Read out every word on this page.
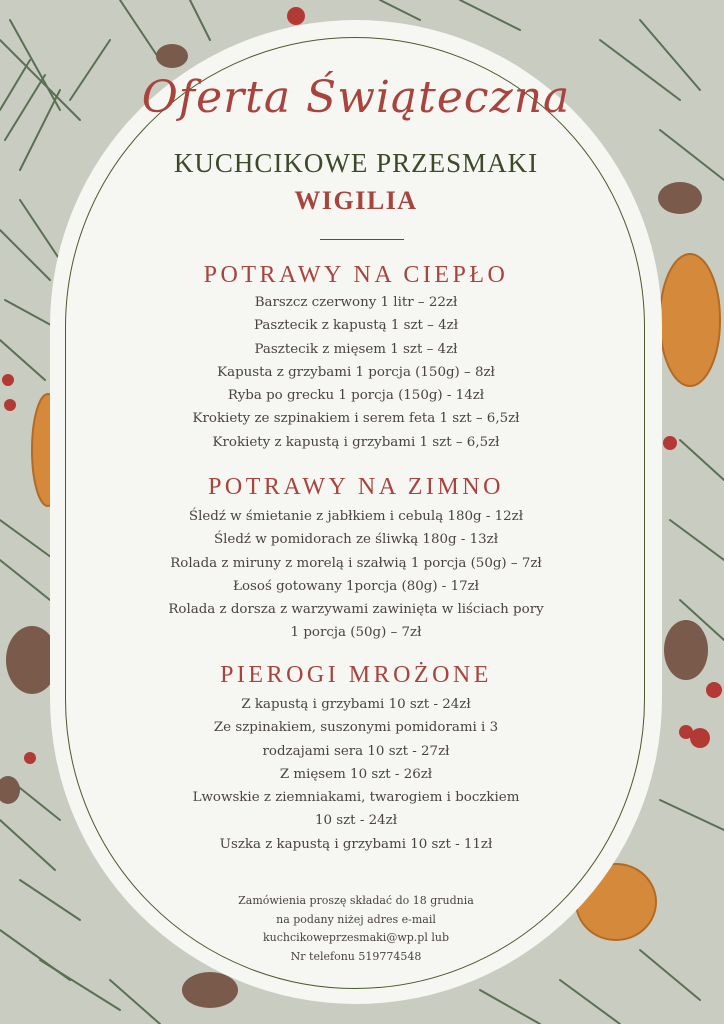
Oferta Świąteczna
KUCHCIKOWE PRZESMAKI
WIGILIA
POTRAWY NA CIEPŁO
Barszcz czerwony 1 litr – 22zł
Pasztecik z kapustą 1 szt – 4zł
Pasztecik z mięsem 1 szt – 4zł
Kapusta z grzybami 1 porcja (150g) – 8zł
Ryba po grecku 1 porcja (150g) - 14zł
Krokiety ze szpinakiem i serem feta 1 szt – 6,5zł
Krokiety z kapustą i grzybami 1 szt – 6,5zł
POTRAWY NA ZIMNO
Śledź w śmietanie z jabłkiem i cebulą 180g - 12zł
Śledź w pomidorach ze śliwką 180g - 13zł
Rolada z miruny z morelą i szałwią 1 porcja (50g) – 7zł
Łosoś gotowany 1porcja (80g) - 17zł
Rolada z dorsza z warzywami zawinięta w liściach pory
1 porcja (50g) – 7zł
PIEROGI MROŻONE
Z kapustą i grzybami 10 szt - 24zł
Ze szpinakiem, suszonymi pomidorami i 3
rodzajami sera 10 szt - 27zł
Z mięsem 10 szt - 26zł
Lwowskie z ziemniakami, twarogiem i boczkiem
10 szt - 24zł
Uszka z kapustą i grzybami 10 szt - 11zł
Zamówienia proszę składać do 18 grudnia
na podany niżej adres e-mail
kuchcikoweprzesmaki@wp.pl lub
Nr telefonu 519774548
